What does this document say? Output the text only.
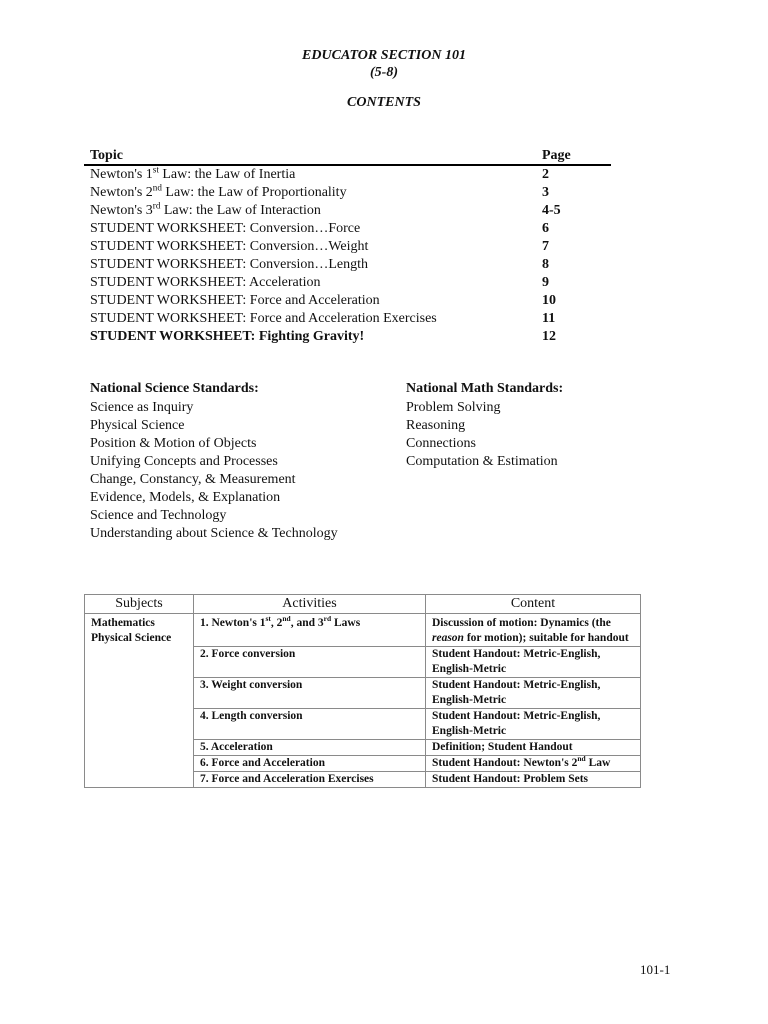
EDUCATOR SECTION 101
(5-8)
CONTENTS
Topic	Page
Newton's 1st Law: the Law of Inertia	2
Newton's 2nd Law: the Law of Proportionality	3
Newton's 3rd Law: the Law of Interaction	4-5
STUDENT WORKSHEET: Conversion…Force	6
STUDENT WORKSHEET: Conversion…Weight	7
STUDENT WORKSHEET: Conversion…Length	8
STUDENT WORKSHEET: Acceleration	9
STUDENT WORKSHEET: Force and Acceleration	10
STUDENT WORKSHEET: Force and Acceleration Exercises	11
STUDENT WORKSHEET: Fighting Gravity!	12
National Science Standards:
Science as Inquiry
Physical Science
Position & Motion of Objects
Unifying Concepts and Processes
Change, Constancy, & Measurement
Evidence, Models, & Explanation
Science and Technology
Understanding about Science & Technology
National Math Standards:
Problem Solving
Reasoning
Connections
Computation & Estimation
Subjects	Activities	Content

Mathematics
Physical Science	1. Newton's 1st, 2nd, and 3rd Laws	Discussion of motion: Dynamics (the reason for motion); suitable for handout
	2. Force conversion	Student Handout: Metric-English, English-Metric
	3. Weight conversion	Student Handout: Metric-English, English-Metric
	4. Length conversion	Student Handout: Metric-English, English-Metric
	5. Acceleration	Definition; Student Handout
	6. Force and Acceleration	Student Handout: Newton's 2nd Law
	7. Force and Acceleration Exercises	Student Handout: Problem Sets
101-1
